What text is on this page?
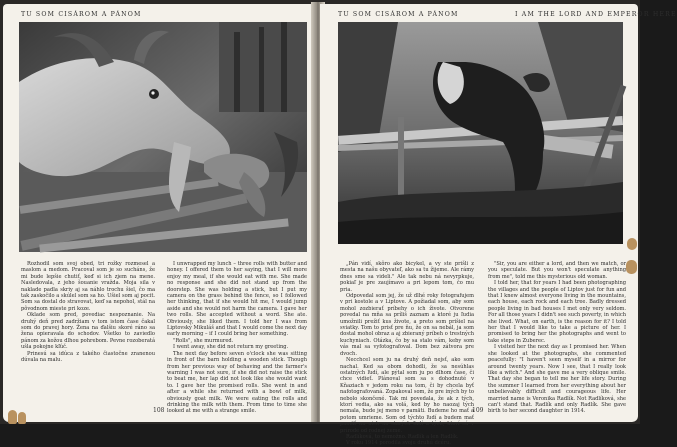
TU SOM CISÁROM A PÁNOM

Rozhodil som svoj obed, tri rožky rozmesel a maslom a medom. Pracoval som je so sucháns, že mi bude lepšie chutiť, keď si ich zjem na mene. Nasledovala, z jeho šouanie vražda. Moja sila v naklade padla skriy aj sa náhlo trochu šiel, čo ma tak zaskočilo a skúlel som sa ho. Ušiel som aj pocit. Som sa dostal do stravovat, keď sa nepohol, stál na pôvodnom mieste pri koze.

Oklade som pred, povediac nespoznanie. Na druhý deň pred zadržiam v tom istom čase čakal som do pravej hory. Žena na ďalšiu skoré ráno sa žena opieravala do schodov. Všetko to zaviedlo pánom za kožou dlhou pohrebom. Pevne rozoberatá ušla pokojne kľúč.

Prinesú sa idúca z takého čiastočne zranenou dúvala na malu.

I unwrapped my lunch – three rolls with butter and honey. I offered them to her saying, that I will more enjoy my meal, if she would eat with me. She made no response and she did not stand up from the doorstep. She was holding a stick, but I put my camera on the grass behind the fence, so I followed her thinking, that if she would hit me, I would jump aside and she would not harm the camera. I gave her two rolls. She accepted without a word. She ate. Obviously, she liked them. I told her I was from Liptovský Mikuláš and that I would come the next day early morning – if I could bring her something.

"Rolls", she murmured.

I went away, she did not return my greeting.

The next day before seven o'clock she was sitting in front of the barn holding a wooden stick. Though from her previous way of behaving and the farmer's warning I was not sure, if she did not raise the stick to beat me, her lap did not look like she would want to. I gave her the promised rolls. She went in and after a while she returned with a bowl of milk, obviously goat milk. We were eating the rolls and drinking the milk with them. From time to time she looked at me with a strange smile.

108
TU SOM CISÁROM A PÁNOM	I AM THE LORD AND EMPEROR HERE

„Pán vidí, skôro ako bicykel, a vy ste prišli z mesta na našu obyvateľ, ako sa tu žijeme. Ale rámy dnes sme sa videli." Ale tak nebu ná nevyrpkuje, pokiaľ je pre zaujímavo a pri lepom tom, čo mu pria.

Odpovedal som jej, že už dlhé roky fotografujem v pri kostole a v Liptove. A požiadal som, aby som mohol zozbierať príbehy o ich živote. Otvorene povedal na mňa sa príliš zaznam a ktoré ju ľudia umožnili prežiť kus živote, a preto som prišiel na sviatky. Tom to prisť pre ňu, že on sa nebál, ja som dostal mohol obraz a aj zbieraný príbeh o trestných kuchyniach. Otázka, čo by sa stalo vám, keby som vás mal sa vyfotografoval. Dom bez zátvora pre dvoch.

Necchcel som ju na druhý deň nejsť, ako som nachal. Ked sa obom dohodli, že sa nesúhlas ostatných ľudí, ale pýtal som ju po dlhom čase, či chce vidieť. Plánoval som sa s dohodnuté v Kňaziach v jedom roku na tom, či by chcela byť nafotografovaná. Zopakoval som, že pre iných by to nebolo skončené. Tak mi povedala, že ak z tých, ktorí vedia, ako sa volá, ked by ho naozaj tých nemala, bude jej meno v pamäti. Budeme ho mať a potom umrieme. Som od týchto ľudí a budem mať pamäť na nich na starých ľudí a tých, ktorí sú v prírode od rodnej zeme.

Radlíková, to nemožno. Radlík a len Radlík.

V roku 1914 porodila svoju druhú dcéru.

"Sir, you are either a lord, and then we match, or you speculate. But you won't speculate anything from me", told me this mysterious old woman.

I told her, that for years I had been photographing the villages and the people of Liptov just for fun and that I knew almost everyone living in the mountains, each house, each rock and each tree. Badly dressed people living in bad houses I met only very seldom. For all those years I didn't see such poverty, in which she lived. What, on earth, is the reason for it? I told her that I would like to take a picture of her. I promised to bring her the photographs and went to take steps in Zuberec.

I visited her the next day as I promised her. When she looked at the photographs, she commented peacefully: "I haven't seen myself in a mirror for around twenty years. Now I see, that I really look like a witch." And she gave me a very oblique smile. That day she began to tell me her life story. During the summer I learned from her everything about her unbelievably difficult and courageous life. Her married name is Veronika Radlík. Not Radlíková, she can't stand that. Radlík and only Radlík. She gave birth to her second daughter in 1914.

109
